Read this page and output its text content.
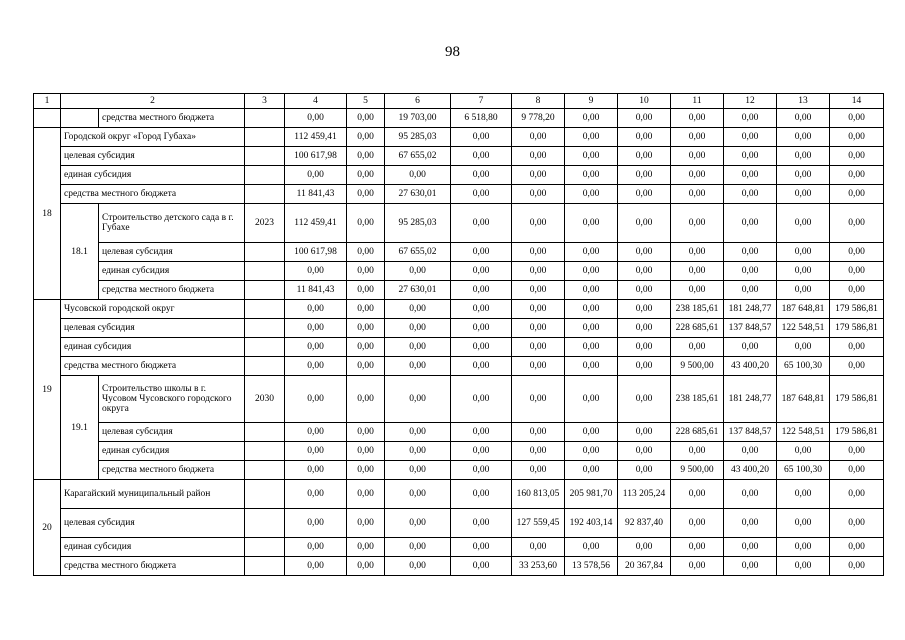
98
1	2		3	4	5	6	7	8	9	10	11	12	13	14
		средства местного бюджета		0,00	0,00	19 703,00	6 518,80	9 778,20	0,00	0,00	0,00	0,00	0,00	0,00
18	Городской округ «Город Губаха»			112 459,41	0,00	95 285,03	0,00	0,00	0,00	0,00	0,00	0,00	0,00	0,00
	целевая субсидия			100 617,98	0,00	67 655,02	0,00	0,00	0,00	0,00	0,00	0,00	0,00	0,00
	единая субсидия			0,00	0,00	0,00	0,00	0,00	0,00	0,00	0,00	0,00	0,00	0,00
	средства местного бюджета			11 841,43	0,00	27 630,01	0,00	0,00	0,00	0,00	0,00	0,00	0,00	0,00
	18.1	Строительство детского сада в г. Губахе	2023	112 459,41	0,00	95 285,03	0,00	0,00	0,00	0,00	0,00	0,00	0,00	0,00
		целевая субсидия		100 617,98	0,00	67 655,02	0,00	0,00	0,00	0,00	0,00	0,00	0,00	0,00
		единая субсидия		0,00	0,00	0,00	0,00	0,00	0,00	0,00	0,00	0,00	0,00	0,00
		средства местного бюджета		11 841,43	0,00	27 630,01	0,00	0,00	0,00	0,00	0,00	0,00	0,00	0,00
19	Чусовской городской округ			0,00	0,00	0,00	0,00	0,00	0,00	0,00	238 185,61	181 248,77	187 648,81	179 586,81
	целевая субсидия			0,00	0,00	0,00	0,00	0,00	0,00	0,00	228 685,61	137 848,57	122 548,51	179 586,81
	единая субсидия			0,00	0,00	0,00	0,00	0,00	0,00	0,00	0,00	0,00	0,00	0,00
	средства местного бюджета			0,00	0,00	0,00	0,00	0,00	0,00	0,00	9 500,00	43 400,20	65 100,30	0,00
	19.1	Строительство школы в г. Чусовом Чусовского городского округа	2030	0,00	0,00	0,00	0,00	0,00	0,00	0,00	238 185,61	181 248,77	187 648,81	179 586,81
		целевая субсидия		0,00	0,00	0,00	0,00	0,00	0,00	0,00	228 685,61	137 848,57	122 548,51	179 586,81
		единая субсидия		0,00	0,00	0,00	0,00	0,00	0,00	0,00	0,00	0,00	0,00	0,00
		средства местного бюджета		0,00	0,00	0,00	0,00	0,00	0,00	0,00	9 500,00	43 400,20	65 100,30	0,00
20	Карагайский муниципальный район			0,00	0,00	0,00	0,00	160 813,05	205 981,70	113 205,24	0,00	0,00	0,00	0,00
	целевая субсидия			0,00	0,00	0,00	0,00	127 559,45	192 403,14	92 837,40	0,00	0,00	0,00	0,00
	единая субсидия			0,00	0,00	0,00	0,00	0,00	0,00	0,00	0,00	0,00	0,00	0,00
	средства местного бюджета			0,00	0,00	0,00	0,00	33 253,60	13 578,56	20 367,84	0,00	0,00	0,00	0,00
